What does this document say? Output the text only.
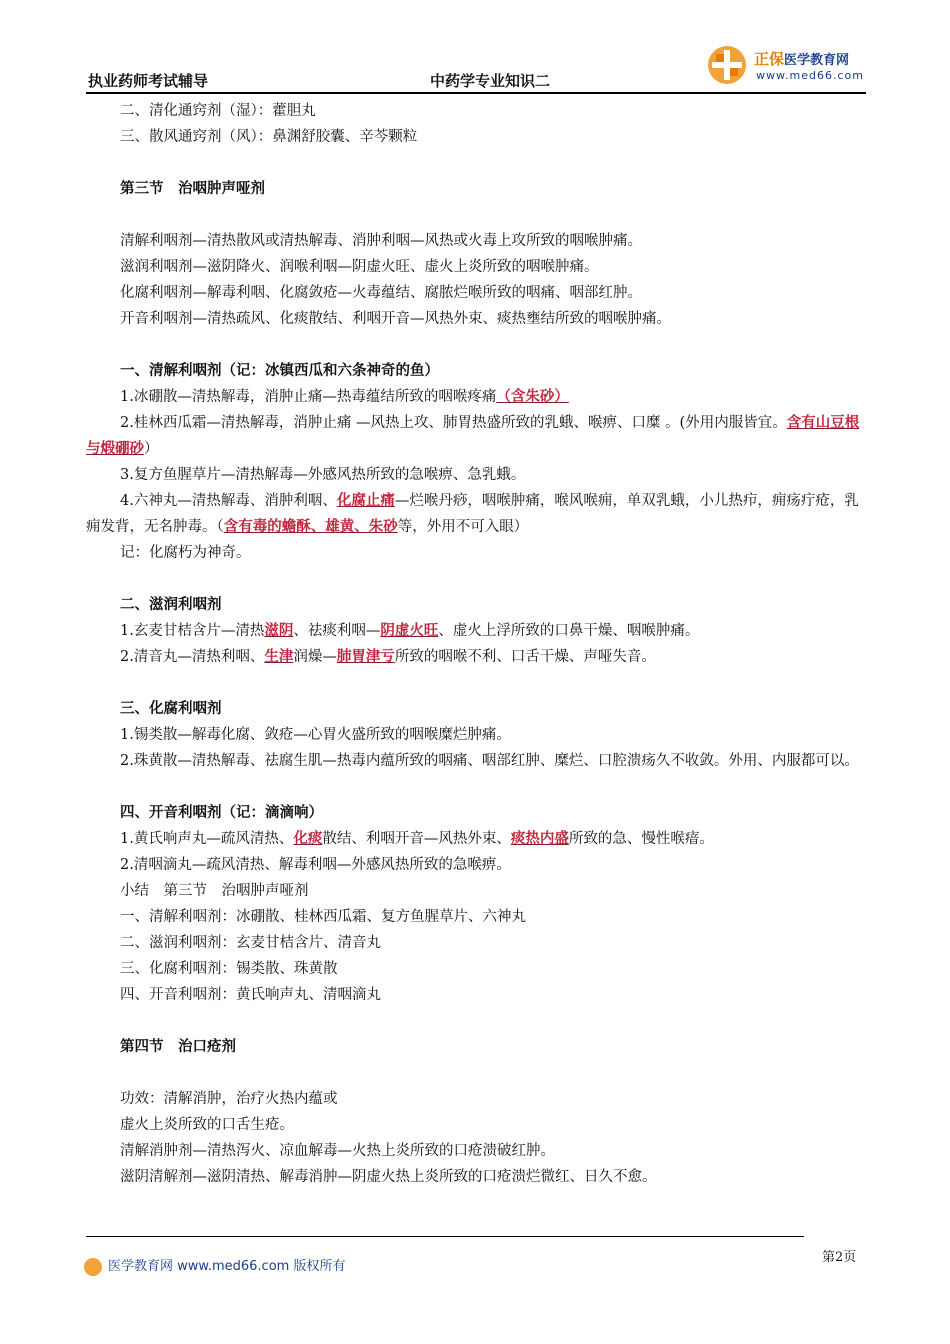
执业药师考试辅导	中药学专业知识二
正保医学教育网
www.med66.com
二、清化通窍剂（湿）：藿胆丸
三、散风通窍剂（风）：鼻渊舒胶囊、辛芩颗粒
第三节　治咽肿声哑剂
清解利咽剂—清热散风或清热解毒、消肿利咽—风热或火毒上攻所致的咽喉肿痛。
滋润利咽剂—滋阴降火、润喉利咽—阴虚火旺、虚火上炎所致的咽喉肿痛。
化腐利咽剂—解毒利咽、化腐敛疮—火毒蕴结、腐脓烂喉所致的咽痛、咽部红肿。
开音利咽剂—清热疏风、化痰散结、利咽开音—风热外束、痰热壅结所致的咽喉肿痛。
一、清解利咽剂（记：冰镇西瓜和六条神奇的鱼）
1.冰硼散—清热解毒，消肿止痛—热毒蕴结所致的咽喉疼痛（含朱砂）
2.桂林西瓜霜—清热解毒，消肿止痛 —风热上攻、肺胃热盛所致的乳蛾、喉痹、口糜 。(外用内服皆宜。含有山豆根与煅硼砂）
3.复方鱼腥草片—清热解毒—外感风热所致的急喉痹、急乳蛾。
4.六神丸—清热解毒、消肿利咽、化腐止痛—烂喉丹痧，咽喉肿痛，喉风喉痈，单双乳蛾，小儿热疖，痈疡疔疮，乳痈发背，无名肿毒。（含有毒的蟾酥、雄黄、朱砂等，外用不可入眼）
记：化腐朽为神奇。
二、滋润利咽剂
1.玄麦甘桔含片—清热滋阴、祛痰利咽—阴虚火旺、虚火上浮所致的口鼻干燥、咽喉肿痛。
2.清音丸—清热利咽、生津润燥—肺胃津亏所致的咽喉不利、口舌干燥、声哑失音。
三、化腐利咽剂
1.锡类散—解毒化腐、敛疮—心胃火盛所致的咽喉糜烂肿痛。
2.珠黄散—清热解毒、祛腐生肌—热毒内蕴所致的咽痛、咽部红肿、糜烂、口腔溃疡久不收敛。外用、内服都可以。
四、开音利咽剂（记：滴滴响）
1.黄氏响声丸—疏风清热、化痰散结、利咽开音—风热外束、痰热内盛所致的急、慢性喉瘖。
2.清咽滴丸—疏风清热、解毒利咽—外感风热所致的急喉痹。
小结　第三节　治咽肿声哑剂
一、清解利咽剂：冰硼散、桂林西瓜霜、复方鱼腥草片、六神丸
二、滋润利咽剂：玄麦甘桔含片、清音丸
三、化腐利咽剂：锡类散、珠黄散
四、开音利咽剂：黄氏响声丸、清咽滴丸
第四节　治口疮剂
功效：清解消肿，治疗火热内蕴或
虚火上炎所致的口舌生疮。
清解消肿剂—清热泻火、凉血解毒—火热上炎所致的口疮溃破红肿。
滋阴清解剂—滋阴清热、解毒消肿—阴虚火热上炎所致的口疮溃烂微红、日久不愈。
医学教育网 www.med66.com 版权所有
第2页
